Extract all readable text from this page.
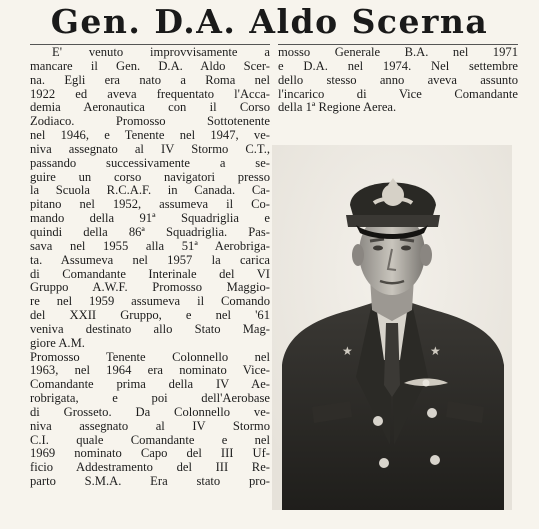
Gen. D.A. Aldo Scerna
E' venuto improvvisamente a
mancare il Gen. D.A. Aldo Scer-
na. Egli era nato a Roma nel
1922 ed aveva frequentato l'Acca-
demia Aeronautica con il Corso
Zodiaco. Promosso Sottotenente
nel 1946, e Tenente nel 1947, ve-
niva assegnato al IV Stormo C.T.,
passando successivamente a se-
guire un corso navigatori presso
la Scuola R.C.A.F. in Canada. Ca-
pitano nel 1952, assumeva il Co-
mando della 91ª Squadriglia e
quindi della 86ª Squadriglia. Pas-
sava nel 1955 alla 51ª Aerobriga-
ta. Assumeva nel 1957 la carica
di Comandante Interinale del VI
Gruppo A.W.F. Promosso Maggio-
re nel 1959 assumeva il Comando
del XXII Gruppo, e nel '61
veniva destinato allo Stato Mag-
giore A.M.
Promosso Tenente Colonnello nel
1963, nel 1964 era nominato Vice-
Comandante prima della IV Ae-
robrigata, e poi dell'Aerobase
di Grosseto. Da Colonnello ve-
niva assegnato al IV Stormo
C.I. quale Comandante e nel
1969 nominato Capo del III Uf-
ficio Addestramento del III Re-
parto S.M.A. Era stato pro-
mosso Generale B.A. nel 1971
e D.A. nel 1974. Nel settembre
dello stesso anno aveva assunto
l'incarico di Vice Comandante
della 1ª Regione Aerea.
★	★
